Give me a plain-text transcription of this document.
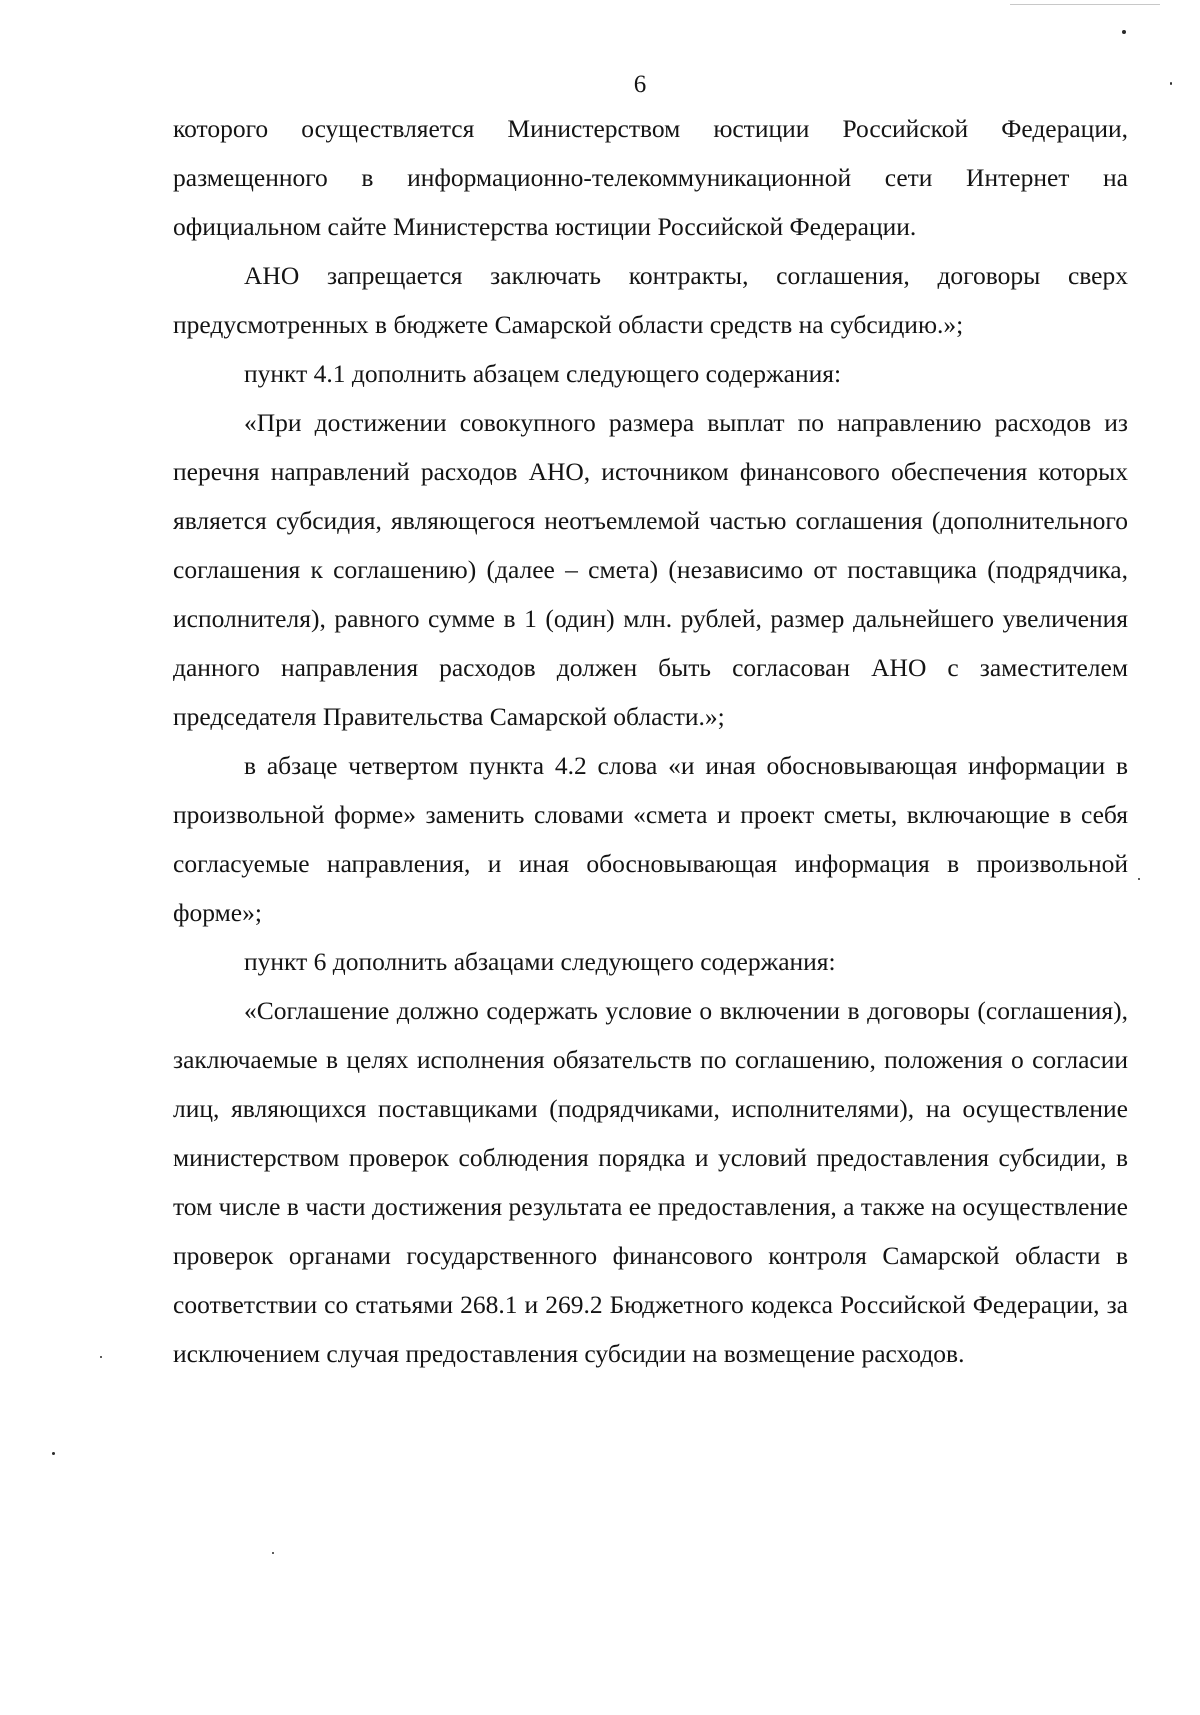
6

которого осуществляется Министерством юстиции Российской Федерации, размещенного в информационно-телекоммуникационной сети Интернет на официальном сайте Министерства юстиции Российской Федерации.

АНО запрещается заключать контракты, соглашения, договоры сверх предусмотренных в бюджете Самарской области средств на субсидию.»;

пункт 4.1 дополнить абзацем следующего содержания:

«При достижении совокупного размера выплат по направлению расходов из перечня направлений расходов АНО, источником финансового обеспечения которых является субсидия, являющегося неотъемлемой частью соглашения (дополнительного соглашения к соглашению) (далее – смета) (независимо от поставщика (подрядчика, исполнителя), равного сумме в 1 (один) млн. рублей, размер дальнейшего увеличения данного направления расходов должен быть согласован АНО с заместителем председателя Правительства Самарской области.»;

в абзаце четвертом пункта 4.2 слова «и иная обосновывающая информации в произвольной форме» заменить словами «смета и проект сметы, включающие в себя согласуемые направления, и иная обосновывающая информация в произвольной форме»;

пункт 6 дополнить абзацами следующего содержания:

«Соглашение должно содержать условие о включении в договоры (соглашения), заключаемые в целях исполнения обязательств по соглашению, положения о согласии лиц, являющихся поставщиками (подрядчиками, исполнителями), на осуществление министерством проверок соблюдения порядка и условий предоставления субсидии, в том числе в части достижения результата ее предоставления, а также на осуществление проверок органами государственного финансового контроля Самарской области в соответствии со статьями 268.1 и 269.2 Бюджетного кодекса Российской Федерации, за исключением случая предоставления субсидии на возмещение расходов.
